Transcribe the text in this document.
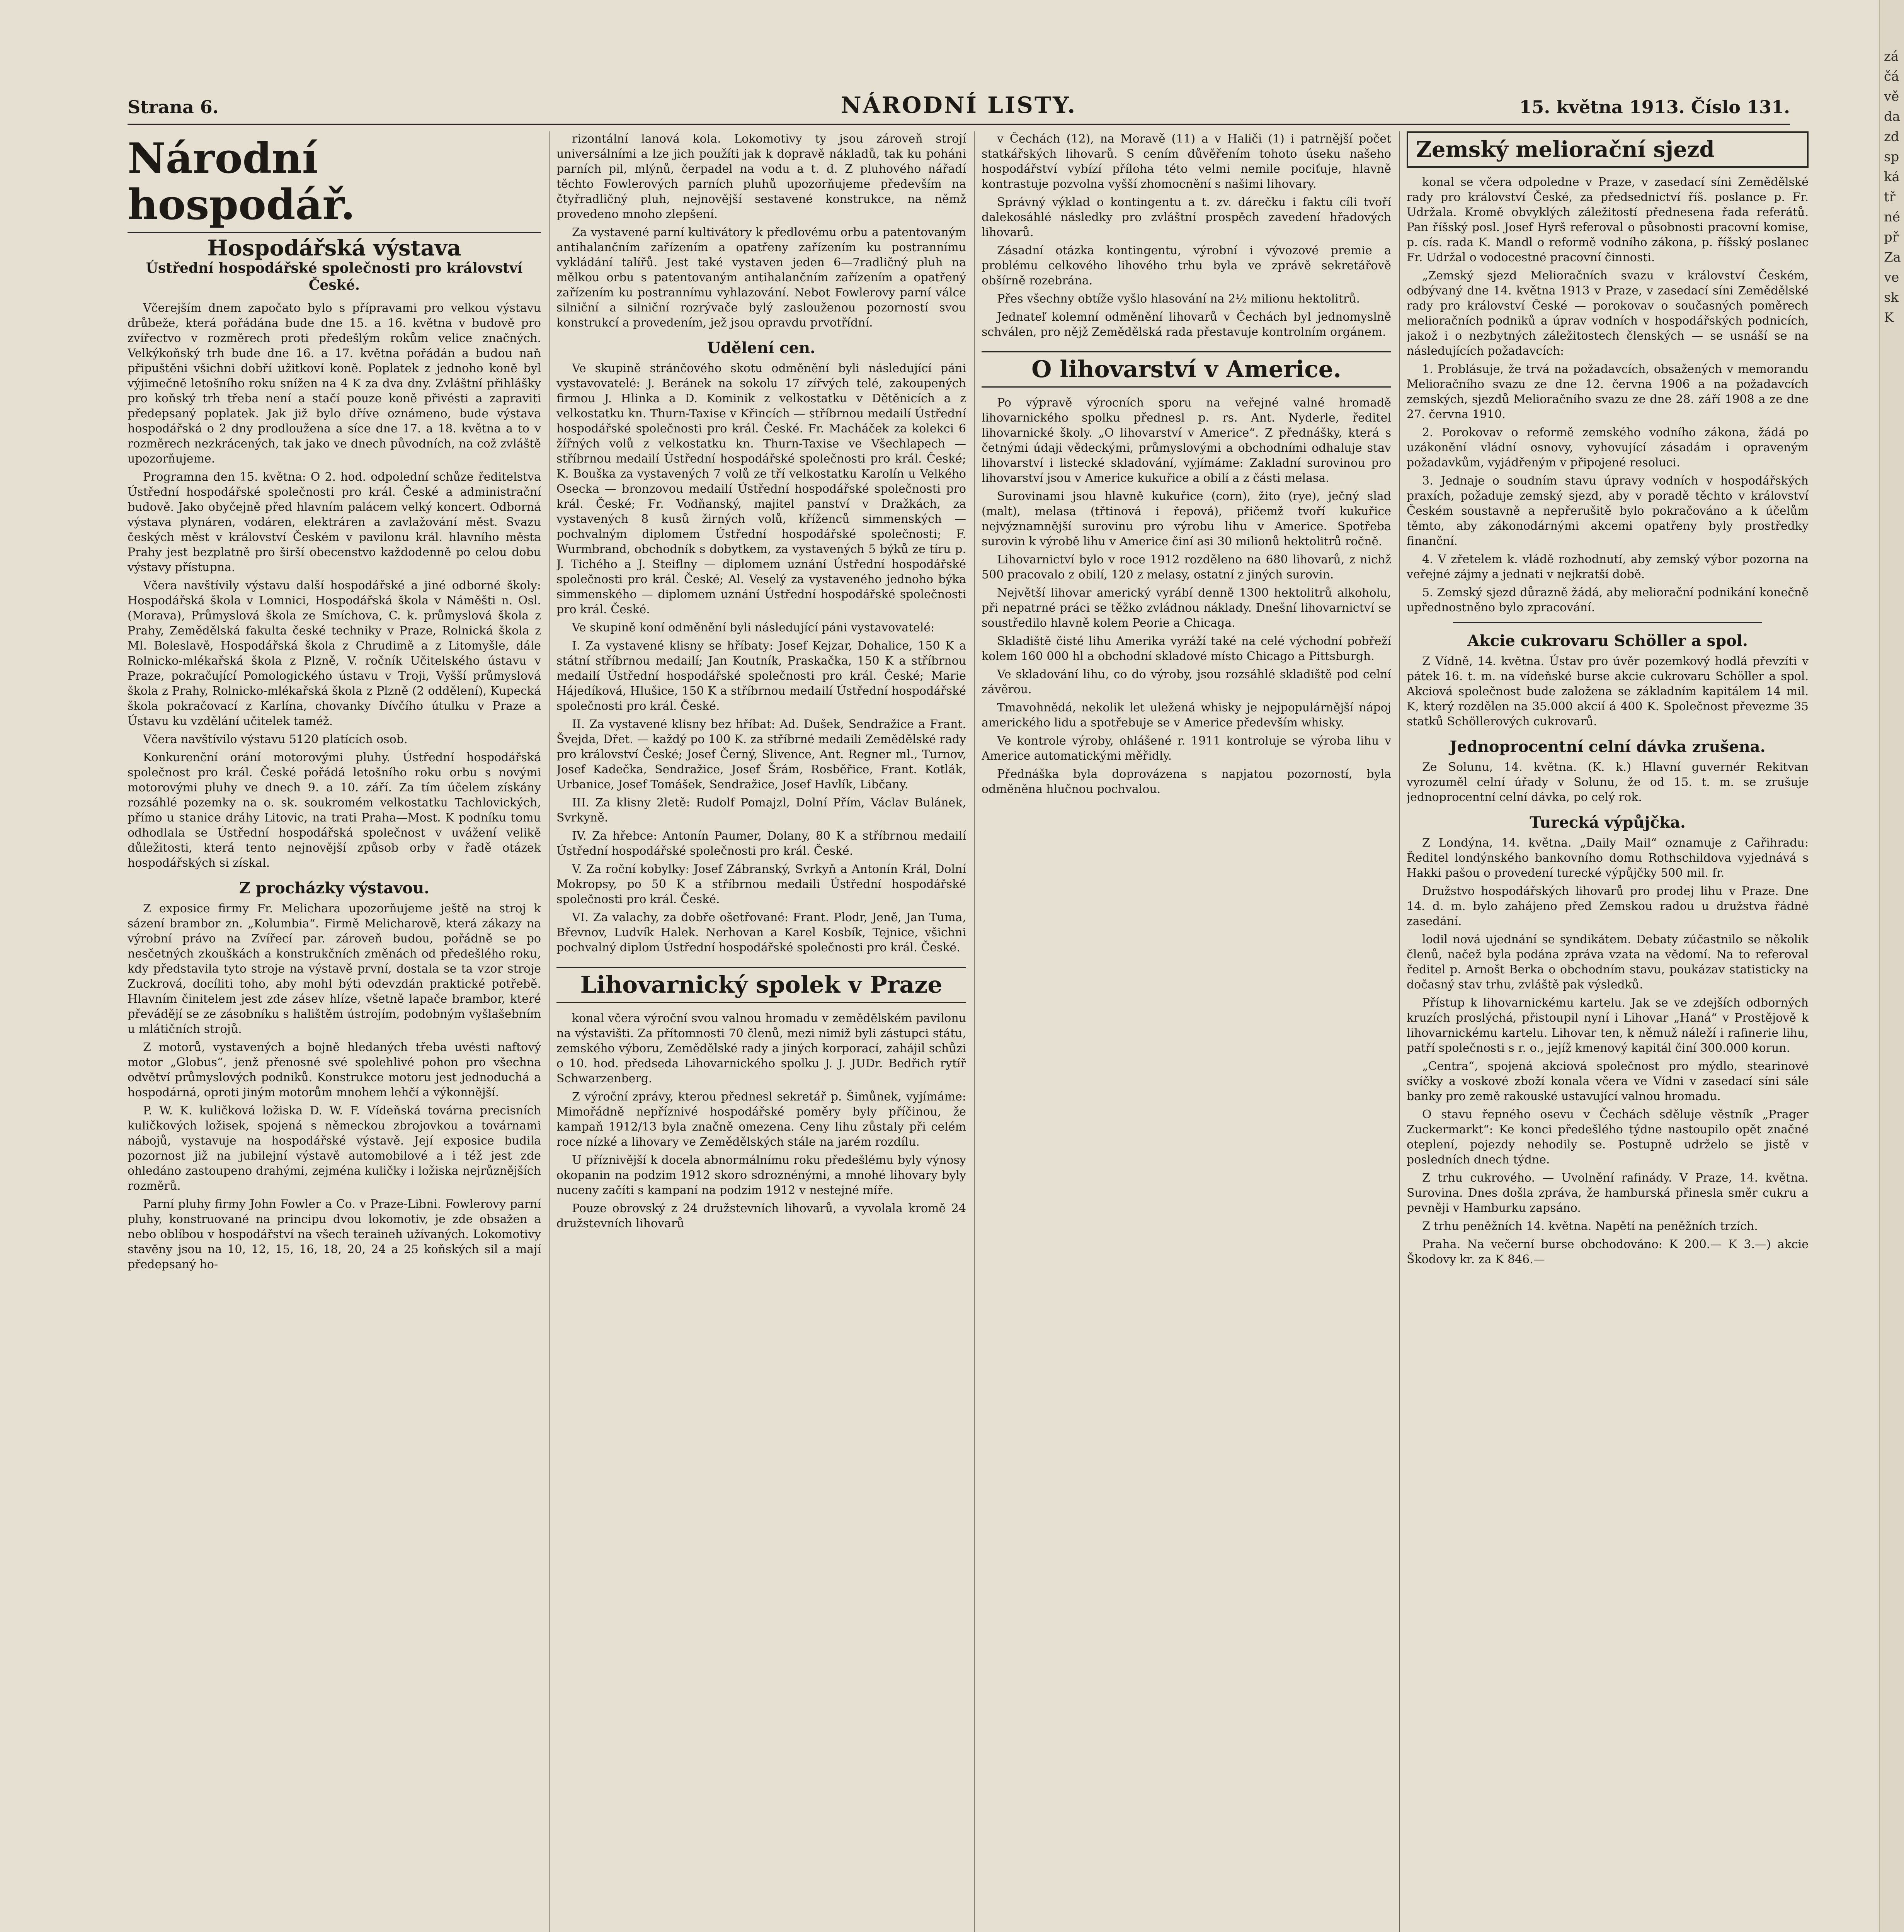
Strana 6.	NÁRODNÍ LISTY.	15. května 1913. Číslo 131.
Národní hospodář.
Hospodářská výstava
Ústřední hospodářské společnosti pro království České.

Včerejším dnem započato bylo s přípravami pro velkou výstavu drůbeže, která pořádána bude dne 15. a 16. května v budově pro zvířectvo v rozměrech proti předešlým rokům velice značných. Velkýkoňský trh bude dne 16. a 17. května pořádán a budou naň připuštěni všichni dobří užitkoví koně. Poplatek z jednoho koně byl výjimečně letošního roku snížen na 4 K za dva dny. Zvláštní přihlášky pro koňský trh třeba není a stačí pouze koně přivésti a zapraviti předepsaný poplatek. Jak již bylo dříve oznámeno, bude výstava hospodářská o 2 dny prodloužena a síce dne 17. a 18. května a to v rozměrech nezkrácených, tak jako ve dnech původních, na což zvláště upozorňujeme.

Programna den 15. května: O 2. hod. odpolední schůze ředitelstva Ústřední hospodářské společnosti pro král. České a administrační budově. Jako obyčejně před hlavním palácem velký koncert. Odborná výstava plynáren, vodáren, elektráren a zavlažování měst. Svazu českých měst v království Českém v pavilonu král. hlavního města Prahy jest bezplatně pro širší obecenstvo každodenně po celou dobu výstavy přístupna.

Včera navštívily výstavu další hospodářské a jiné odborné školy: Hospodářská škola v Lomnici, Hospodářská škola v Náměšti n. Osl. (Morava), Průmyslová škola ze Smíchova, C. k. průmyslová škola z Prahy, Zemědělská fakulta české techniky v Praze, Rolnická škola z Ml. Boleslavě, Hospodářská škola z Chrudimě a z Litomyšle, dále Rolnicko-mlékařská škola z Plzně, V. ročník Učitelského ústavu v Praze, pokračující Pomologického ústavu v Troji, Vyšší průmyslová škola z Prahy, Rolnicko-mlékařská škola z Plzně (2 oddělení), Kupecká škola pokračovací z Karlína, chovanky Dívčího útulku v Praze a Ústavu ku vzdělání učitelek taméž.

Včera navštívilo výstavu 5120 platících osob.

Konkurenční orání motorovými pluhy. Ústřední hospodářská společnost pro král. České pořádá letošního roku orbu s novými motorovými pluhy ve dnech 9. a 10. září. Za tím účelem získány rozsáhlé pozemky na o. sk. soukromém velkostatku Tachlovických, přímo u stanice dráhy Litovic, na trati Praha—Most. K podníku tomu odhodlala se Ústřední hospodářská společnost v uvážení velikě důležitosti, která tento nejnovější způsob orby v řadě otázek hospodářských si získal.

Z procházky výstavou.

Z exposice firmy Fr. Melichara upozorňujeme ještě na stroj k sázení brambor zn. „Kolumbia“. Firmě Melicharově, která zákazy na výrobní právo na Zvířecí par. zároveň budou, pořádně se po nesčetných zkouškách a konstrukčních změnách od předešlého roku, kdy představila tyto stroje na výstavě první, dostala se ta vzor stroje Zuckrová, docíliti toho, aby mohl býti odevzdán praktické potřebě. Hlavním činitelem jest zde zásev hlíze, všetně lapače brambor, které převádějí se ze zásobníku s halištěm ústrojím, podobným vyšlašebním u mlátičních strojů.

Z motorů, vystavených a bojně hledaných třeba uvésti naftový motor „Globus“, jenž přenosné své spolehlivé pohon pro všechna odvětví průmyslových podniků. Konstrukce motoru jest jednoduchá a hospodárná, oproti jiným motorům mnohem lehčí a výkonnější.

P. W. K. kuličková ložiska D. W. F. Vídeňská továrna precisních kuličkových ložisek, spojená s německou zbrojovkou a továrnami nábojů, vystavuje na hospodářské výstavě. Její exposice budila pozornost již na jubilejní výstavě automobilové a i též jest zde ohledáno zastoupeno drahými, zejména kuličky i ložiska nejrůznějších rozměrů.

Parní pluhy firmy John Fowler a Co. v Praze-Libni. Fowlerovy parní pluhy, konstruované na principu dvou lokomotiv, je zde obsažen a nebo oblíbou v hospodářství na všech teraineh užívaných. Lokomotivy stavěny jsou na 10, 12, 15, 16, 18, 20, 24 a 25 koňských sil a mají předepsaný ho-

rizontální lanová kola. Lokomotivy ty jsou zároveň strojí universálními a lze jich použíti jak k dopravě nákladů, tak ku poháni parních pil, mlýnů, čerpadel na vodu a t. d. Z pluhového nářadí těchto Fowlerových parních pluhů upozorňujeme především na čtyřradličný pluh, nejnovější sestavené konstrukce, na němž provedeno mnoho zlepšení.

Za vystavené parní kultivátory k předlovému orbu a patentovaným antihalančním zařízením a opatřeny zařízením ku postrannímu vykládání talířů. Jest také vystaven jeden 6—7radličný pluh na mělkou orbu s patentovaným antihalančním zařízením a opatřený zařízením ku postrannímu vyhlazování. Nebot Fowlerovy parní válce silniční a silniční rozrývače bylý zaslouženou pozorností svou konstrukcí a provedením, jež jsou opravdu prvotřídní.

Udělení cen.

Ve skupině stránčového skotu odměnění byli následující páni vystavovatelé: J. Beránek na sokolu 17 zířvých telé, zakoupených firmou J. Hlinka a D. Kominik z velkostatku v Dětěnicích a z velkostatku kn. Thurn-Taxise v Křincích — stříbrnou medailí Ústřední hospodářské společnosti pro král. České. Fr. Macháček za kolekci 6 žířných volů z velkostatku kn. Thurn-Taxise ve Všechlapech — stříbrnou medailí Ústřední hospodářské společnosti pro král. České; K. Bouška za vystavených 7 volů ze tří velkostatku Karolín u Velkého Osecka — bronzovou medailí Ústřední hospodářské společnosti pro král. České; Fr. Vodňanský, majitel panství v Dražkách, za vystavených 8 kusů žirných volů, kříženců simmenských — pochvalným diplomem Ústřední hospodářské společnosti; F. Wurmbrand, obchodník s dobytkem, za vystavených 5 býků ze tíru p. J. Tichého a J. Steiflny — diplomem uznání Ústřední hospodářské společnosti pro král. České; Al. Veselý za vystaveného jednoho býka simmenského — diplomem uznání Ústřední hospodářské společnosti pro král. České.

Ve skupině koní odměnění byli následující páni vystavovatelé:

I. Za vystavené klisny se hříbaty: Josef Kejzar, Dohalice, 150 K a státní stříbrnou medailí; Jan Koutník, Praskačka, 150 K a stříbrnou medailí Ústřední hospodářské společnosti pro král. České; Marie Hájedíková, Hlušice, 150 K a stříbrnou medailí Ústřední hospodářské společnosti pro král. České.

II. Za vystavené klisny bez hříbat: Ad. Dušek, Sendražice a Frant. Švejda, Dřet. — každý po 100 K. za stříbrné medaili Zemědělské rady pro království České; Josef Černý, Slivence, Ant. Regner ml., Turnov, Josef Kadečka, Sendražice, Josef Šrám, Rosběřice, Frant. Kotlák, Urbanice, Josef Tomášek, Sendražice, Josef Havlík, Libčany.

III. Za klisny 2letě: Rudolf Pomajzl, Dolní Přím, Václav Bulánek, Svrkyně.

IV. Za hřebce: Antonín Paumer, Dolany, 80 K a stříbrnou medailí Ústřední hospodářské společnosti pro král. České.

V. Za roční kobylky: Josef Zábranský, Svrkyň a Antonín Král, Dolní Mokropsy, po 50 K a stříbrnou medaili Ústřední hospodářské společnosti pro král. České.

VI. Za valachy, za dobře ošetřované: Frant. Plodr, Jeně, Jan Tuma, Břevnov, Ludvík Halek. Nerhovan a Karel Kosbík, Tejnice, všichni pochvalný diplom Ústřední hospodářské společnosti pro král. České.

Lihovarnický spolek v Praze

konal včera výroční svou valnou hromadu v zemědělském pavilonu na výstavišti. Za přítomnosti 70 členů, mezi nimiž byli zástupci státu, zemského výboru, Zemědělské rady a jiných korporací, zahájil schůzi o 10. hod. předseda Lihovarnického spolku J. J. JUDr. Bedřich rytíř Schwarzenberg.

Z výroční zprávy, kterou přednesl sekretář p. Šimůnek, vyjímáme: Mimořádně nepříznivé hospodářské poměry byly příčinou, že kampaň 1912/13 byla značně omezena. Ceny lihu zůstaly při celém roce nízké a lihovary ve Zemědělských stále na jarém rozdílu.

U příznivější k docela abnormálnímu roku předešlému byly výnosy okopanin na podzim 1912 skoro sdroznénými, a mnohé lihovary byly nuceny začíti s kampaní na podzim 1912 v nestejné míře.

Pouze obrovský z 24 družstevních lihovarů, a vyvolala kromě 24 družstevních lihovarů

v Čechách (12), na Moravě (11) a v Haliči (1) i patrnější počet statkářských lihovarů. S cením důvěřením tohoto úseku našeho hospodářství vybízí příloha této velmi nemile pociťuje, hlavně kontrastuje pozvolna vyšší zhomocnění s našimi lihovary.

Správný výklad o kontingentu a t. zv. dárečku i faktu cíli tvoří dalekosáhlé následky pro zvláštní prospěch zavedení hřadových lihovarů.

Zásadní otázka kontingentu, výrobní i vývozové premie a problému celkového lihového trhu byla ve zprávě sekretářově obšírně rozebrána.

Přes všechny obtíže vyšlo hlasování na 2½ milionu hektolitrů.

Jednateľ kolemní odměnění lihovarů v Čechách byl jednomyslně schválen, pro nějž Zemědělská rada přestavuje kontrolním orgánem.

O lihovarství v Americe.

Po výpravě výrocních sporu na veřejné valné hromadě lihovarnického spolku přednesl p. rs. Ant. Nyderle, ředitel lihovarnické školy. „O lihovarství v Americe“. Z přednášky, která s četnými údaji vědeckými, průmyslovými a obchodními odhaluje stav lihovarství i listecké skladování, vyjímáme: Zakladní surovinou pro lihovarství jsou v Americe kukuřice a obilí a z části melasa.

Surovinami jsou hlavně kukuřice (corn), žito (rye), ječný slad (malt), melasa (třtinová i řepová), přičemž tvoří kukuřice nejvýznamnější surovinu pro výrobu lihu v Americe. Spotřeba surovin k výrobě lihu v Americe činí asi 30 milionů hektolitrů ročně.

Lihovarnictví bylo v roce 1912 rozděleno na 680 lihovarů, z nichž 500 pracovalo z obilí, 120 z melasy, ostatní z jiných surovin.

Největší lihovar americký vyrábí denně 1300 hektolitrů alkoholu, při nepatrné práci se těžko zvládnou náklady. Dnešní lihovarnictví se soustředilo hlavně kolem Peorie a Chicaga.

Skladiště čisté lihu Amerika vyráží také na celé východní pobřeží kolem 160 000 hl a obchodní skladové místo Chicago a Pittsburgh.

Ve skladování lihu, co do výroby, jsou rozsáhlé skladiště pod celní závěrou.

Tmavohnědá, nekolik let uležená whisky je nejpopulárnější nápoj amerického lidu a spotřebuje se v Americe především whisky.

Ve kontrole výroby, ohlášené r. 1911 kontroluje se výroba lihu v Americe automatickými měřidly.

Přednáška byla doprovázena s napjatou pozorností, byla odměněna hlučnou pochvalou.

Zemský meliorační sjezd

konal se včera odpoledne v Praze, v zasedací síni Zemědělské rady pro království České, za předsednictví říš. poslance p. Fr. Udržala. Kromě obvyklých záležitostí přednesena řada referátů. Pan říšský posl. Josef Hyrš referoval o působnosti pracovní komise, p. cís. rada K. Mandl o reformě vodního zákona, p. říšský poslanec Fr. Udržal o vodocestné pracovní činnosti.

„Zemský sjezd Melioračních svazu v království Českém, odbývaný dne 14. května 1913 v Praze, v zasedací síni Zemědělské rady pro království České — porokovav o současných poměrech melioračních podniků a úprav vodních v hospodářských podnicích, jakož i o nezbytných záležitostech členských — se usnáší se na následujících požadavcích:

1. Problásuje, že trvá na požadavcích, obsažených v memorandu Melioračního svazu ze dne 12. června 1906 a na požadavcích zemských, sjezdů Melioračního svazu ze dne 28. září 1908 a ze dne 27. června 1910.

2. Porokovav o reformě zemského vodního zákona, žádá po uzákonění vládní osnovy, vyhovující zásadám i opraveným požadavkům, vyjádřeným v připojené resoluci.

3. Jednaje o soudním stavu úpravy vodních v hospodářských praxích, požaduje zemský sjezd, aby v poradě těchto v království Českém soustavně a nepřerušitě bylo pokračováno a k účelům těmto, aby zákonodárnými akcemi opatřeny byly prostředky finanční.

4. V zřetelem k. vládě rozhodnutí, aby zemský výbor pozorna na veřejné zájmy a jednati v nejkratší době.

5. Zemský sjezd důrazně žádá, aby meliorační podnikání konečně upřednostněno bylo zpracování.

Akcie cukrovaru Schöller a spol.

Z Vídně, 14. května. Ústav pro úvěr pozemkový hodlá převzíti v pátek 16. t. m. na vídeňské burse akcie cukrovaru Schöller a spol. Akciová společnost bude založena se základním kapitálem 14 mil. K, který rozdělen na 35.000 akcií á 400 K. Společnost převezme 35 statků Schöllerových cukrovarů.

Jednoprocentní celní dávka zrušena.

Ze Solunu, 14. května. (K. k.) Hlavní guvernér Rekitvan vyrozuměl celní úřady v Solunu, že od 15. t. m. se zrušuje jednoprocentní celní dávka, po celý rok.

Turecká výpůjčka.

Z Londýna, 14. května. „Daily Mail“ oznamuje z Cařihradu: Ředitel londýnského bankovního domu Rothschildova vyjednává s Hakki pašou o provedení turecké výpůjčky 500 mil. fr.

Družstvo hospodářských lihovarů pro prodej lihu v Praze. Dne 14. d. m. bylo zahájeno před Zemskou radou u družstva řádné zasedání.

lodil nová ujednání se syndikátem. Debaty zúčastnilo se několik členů, načež byla podána zpráva vzata na vědomí. Na to referoval ředitel p. Arnošt Berka o obchodním stavu, poukázav statisticky na dočasný stav trhu, zvláště pak výsledků.

Přístup k lihovarnickému kartelu. Jak se ve zdejších odborných kruzích proslýchá, přistoupil nyní i Lihovar „Haná“ v Prostějově k lihovarnickému kartelu. Lihovar ten, k němuž náleží i rafinerie lihu, patří společnosti s r. o., jejíž kmenový kapitál činí 300.000 korun.

„Centra“, spojená akciová společnost pro mýdlo, stearinové svíčky a voskové zboží konala včera ve Vídni v zasedací síni sále banky pro země rakouské ustavující valnou hromadu.

O stavu řepného osevu v Čechách sděluje věstník „Prager Zuckermarkt“: Ke konci předešlého týdne nastoupilo opět značné oteplení, pojezdy nehodily se. Postupně udrželo se jistě v posledních dnech týdne.

Z trhu cukrového. — Uvolnění rafinády. V Praze, 14. května. Surovina. Dnes došla zpráva, že hamburská přinesla směr cukru a pevněji v Hamburku zapsáno.

Z trhu peněžních 14. května. Napětí na peněžních trzích.

Praha. Na večerní burse obchodováno: K 200.— K 3.—) akcie Škodovy kr. za K 846.—

zá
čá
vě
da
zd
sp
ká
tř
né
př
Za
ve
sk
K
